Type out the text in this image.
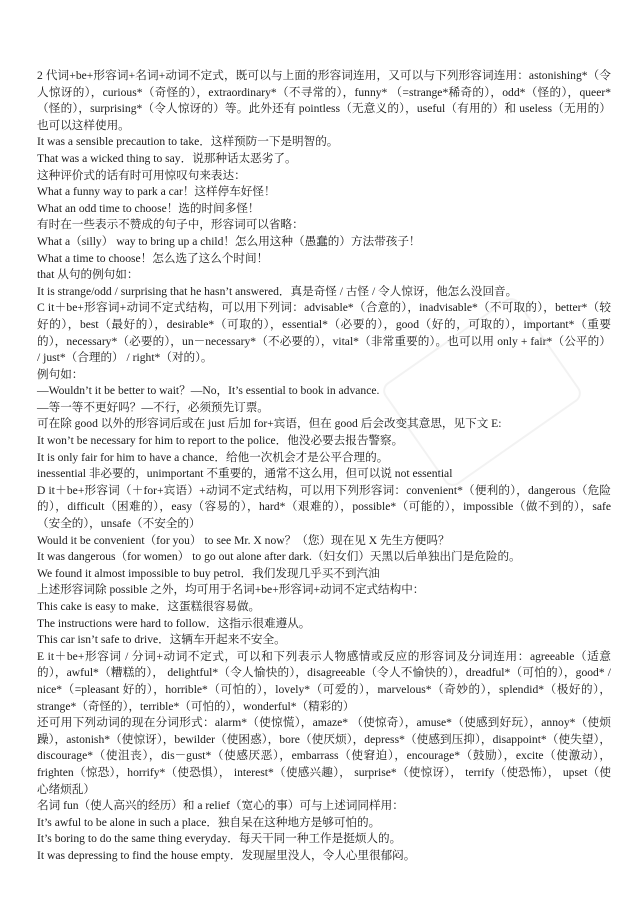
2 代词+be+形容词+名词+动词不定式，既可以与上面的形容词连用，又可以与下列形容词连用：astonishing*（令人惊讶的），curious*（奇怪的），extraordinary*（不寻常的），funny* （=strange*稀奇的），odd*（怪的），queer*（怪的），surprising*（令人惊讶的）等。此外还有 pointless（无意义的），useful（有用的）和 useless（无用的）也可以这样使用。

It was a sensible precaution to take．这样预防一下是明智的。

That was a wicked thing to say．说那种话太恶劣了。

这种评价式的话有时可用惊叹句来表达：

What a funny way to park a car！这样停车好怪！

What an odd time to choose！选的时间多怪！

有时在一些表示不赞成的句子中，形容词可以省略：

What a（silly） way to bring up a child！怎么用这种（愚蠢的）方法带孩子！

What a time to choose！怎么选了这么个时间！

that 从句的例句如：

It is strange/odd / surprising that he hasn’t answered．真是奇怪 / 古怪 / 令人惊讶，他怎么没回音。

C it＋be+形容词+动词不定式结构，可以用下列词：advisable*（合意的），inadvisable*（不可取的），better*（较好的），best（最好的），desirable*（可取的），essential*（必要的），good（好的，可取的），important*（重要的），necessary*（必要的），un－necessary*（不必要的），vital*（非常重要的）。也可以用 only + fair*（公平的） / just*（合理的） / right*（对的）。

例句如：

—Wouldn’t it be better to wait？—No，It’s essential to book in advance.

—等一等不更好吗？—不行，必须预先订票。

可在除 good 以外的形容词后或在 just 后加 for+宾语，但在 good 后会改变其意思，见下文 E:

It won’t be necessary for him to report to the police．他没必要去报告警察。

It is only fair for him to have a chance．给他一次机会才是公平合理的。

inessential 非必要的，unimportant 不重要的，通常不这么用，但可以说 not essential

D it＋be+形容词（＋for+宾语）+动词不定式结构，可以用下列形容词：convenient*（便利的），dangerous（危险的），difficult（困难的），easy（容易的），hard*（艰难的），possible*（可能的），impossible（做不到的），safe（安全的），unsafe（不安全的）

Would it be convenient（for you） to see Mr. X now？（您）现在见 X 先生方便吗？

It was dangerous（for women） to go out alone after dark.（妇女们）天黑以后单独出门是危险的。

We found it almost impossible to buy petrol．我们发现几乎买不到汽油

上述形容词除 possible 之外，均可用于名词+be+形容词+动词不定式结构中：

This cake is easy to make．这蛋糕很容易做。

The instructions were hard to follow．这指示很难遵从。

This car isn’t safe to drive．这辆车开起来不安全。

E it＋be+形容词 / 分词+动词不定式，可以和下列表示人物感情或反应的形容词及分词连用：agreeable（适意的），awful*（糟糕的）， delightful*（令人愉快的），disagreeable（令人不愉快的），dreadful*（可怕的），good* / nice*（=pleasant 好的），horrible*（可怕的），lovely*（可爱的），marvelous*（奇妙的），splendid*（极好的），strange*（奇怪的），terrible*（可怕的），wonderful*（精彩的）

还可用下列动词的现在分词形式：alarm*（使惊慌），amaze* （使惊奇），amuse*（使感到好玩），annoy*（使烦躁），astonish*（使惊讶），bewilder（使困惑），bore（使厌烦），depress*（使感到压抑），disappoint*（使失望），discourage*（使沮丧），dis－gust*（使感厌恶），embarrass（使窘迫），encourage*（鼓励），excite（使激动）， frighten（惊恐），horrify*（使恐惧）， interest*（使感兴趣）， surprise*（使惊讶）， terrify（使恐怖）， upset（使心绪烦乱）

名词 fun（使人高兴的经历）和 a relief（宽心的事）可与上述词同样用：

It’s awful to be alone in such a place．独自呆在这种地方是够可怕的。

It’s boring to do the same thing everyday．每天干同一种工作是挺烦人的。

It was depressing to find the house empty．发现屋里没人，令人心里很郁闷。
